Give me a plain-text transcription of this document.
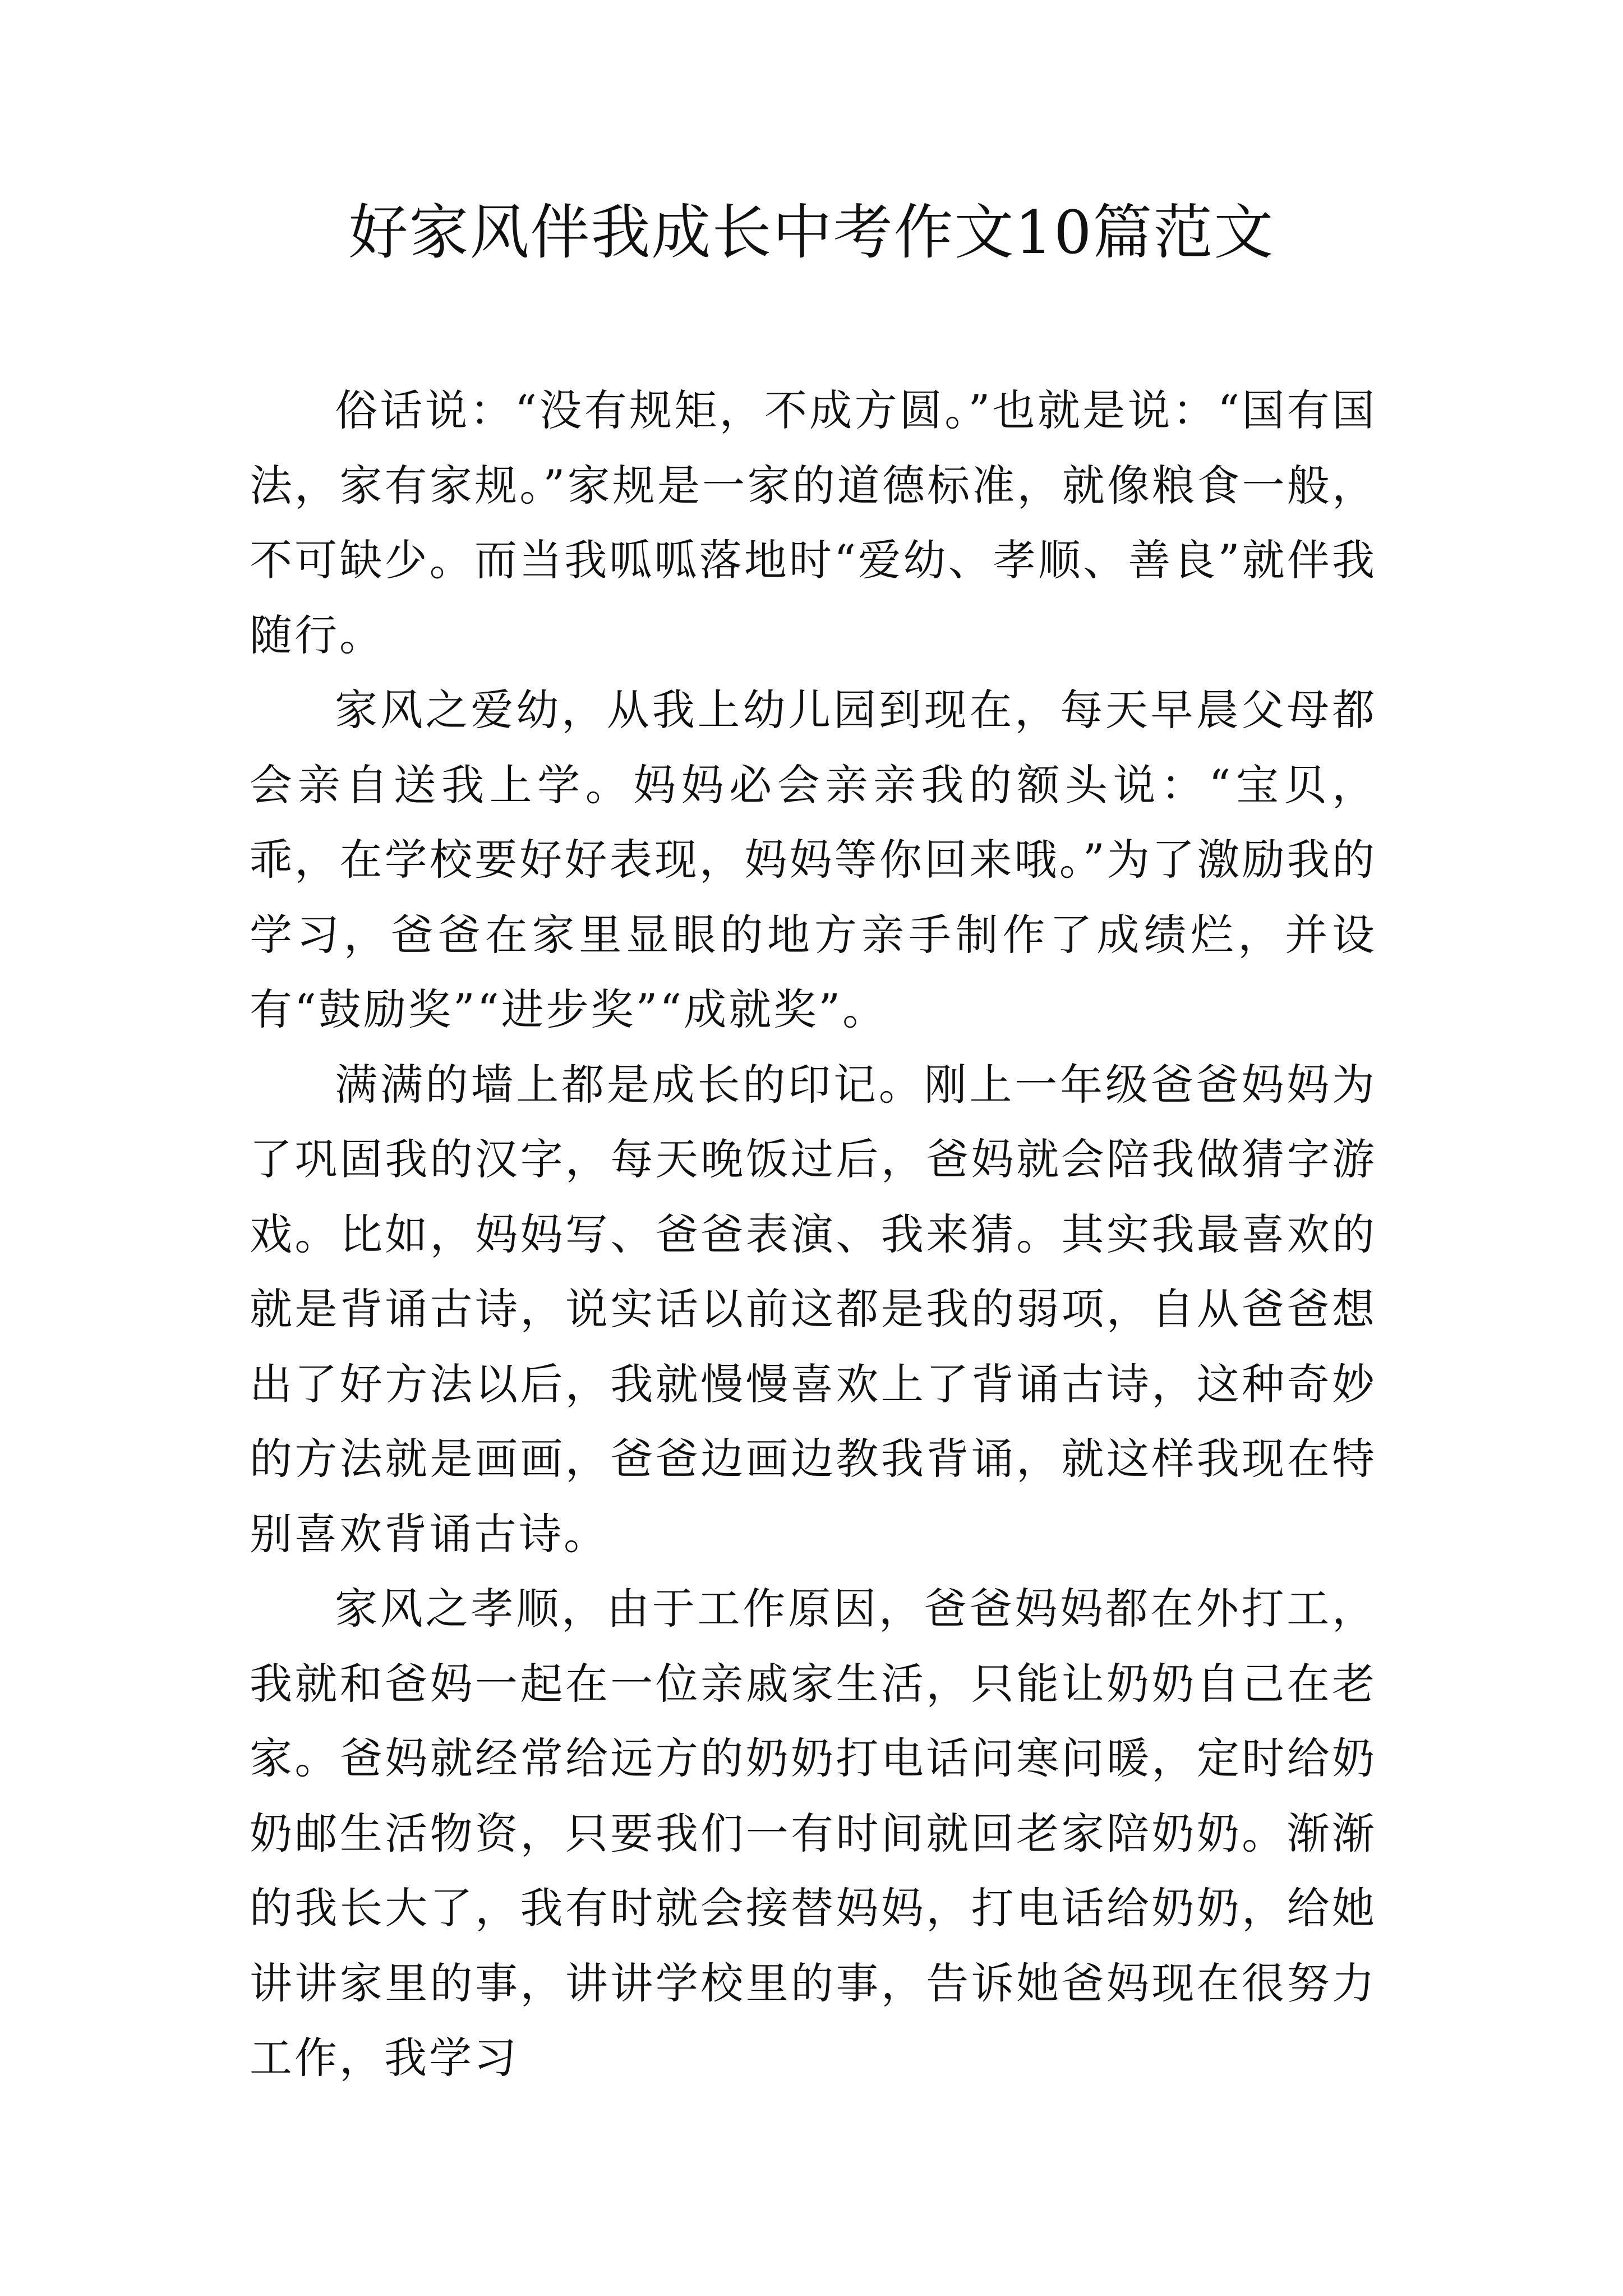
好家风伴我成长中考作文10篇范文

俗话说：“没有规矩，不成方圆。”也就是说：“国有国法，家有家规。”家规是一家的道德标准，就像粮食一般，不可缺少。而当我呱呱落地时“爱幼、孝顺、善良”就伴我随行。

家风之爱幼，从我上幼儿园到现在，每天早晨父母都会亲自送我上学。妈妈必会亲亲我的额头说：“宝贝，乖，在学校要好好表现，妈妈等你回来哦。”为了激励我的学习，爸爸在家里显眼的地方亲手制作了成绩烂，并设有“鼓励奖”“进步奖”“成就奖”。

满满的墙上都是成长的印记。刚上一年级爸爸妈妈为了巩固我的汉字，每天晚饭过后，爸妈就会陪我做猜字游戏。比如，妈妈写、爸爸表演、我来猜。其实我最喜欢的就是背诵古诗，说实话以前这都是我的弱项，自从爸爸想出了好方法以后，我就慢慢喜欢上了背诵古诗，这种奇妙的方法就是画画，爸爸边画边教我背诵，就这样我现在特别喜欢背诵古诗。

家风之孝顺，由于工作原因，爸爸妈妈都在外打工，我就和爸妈一起在一位亲戚家生活，只能让奶奶自己在老家。爸妈就经常给远方的奶奶打电话问寒问暖，定时给奶奶邮生活物资，只要我们一有时间就回老家陪奶奶。渐渐的我长大了，我有时就会接替妈妈，打电话给奶奶，给她讲讲家里的事，讲讲学校里的事，告诉她爸妈现在很努力工作，我学习
